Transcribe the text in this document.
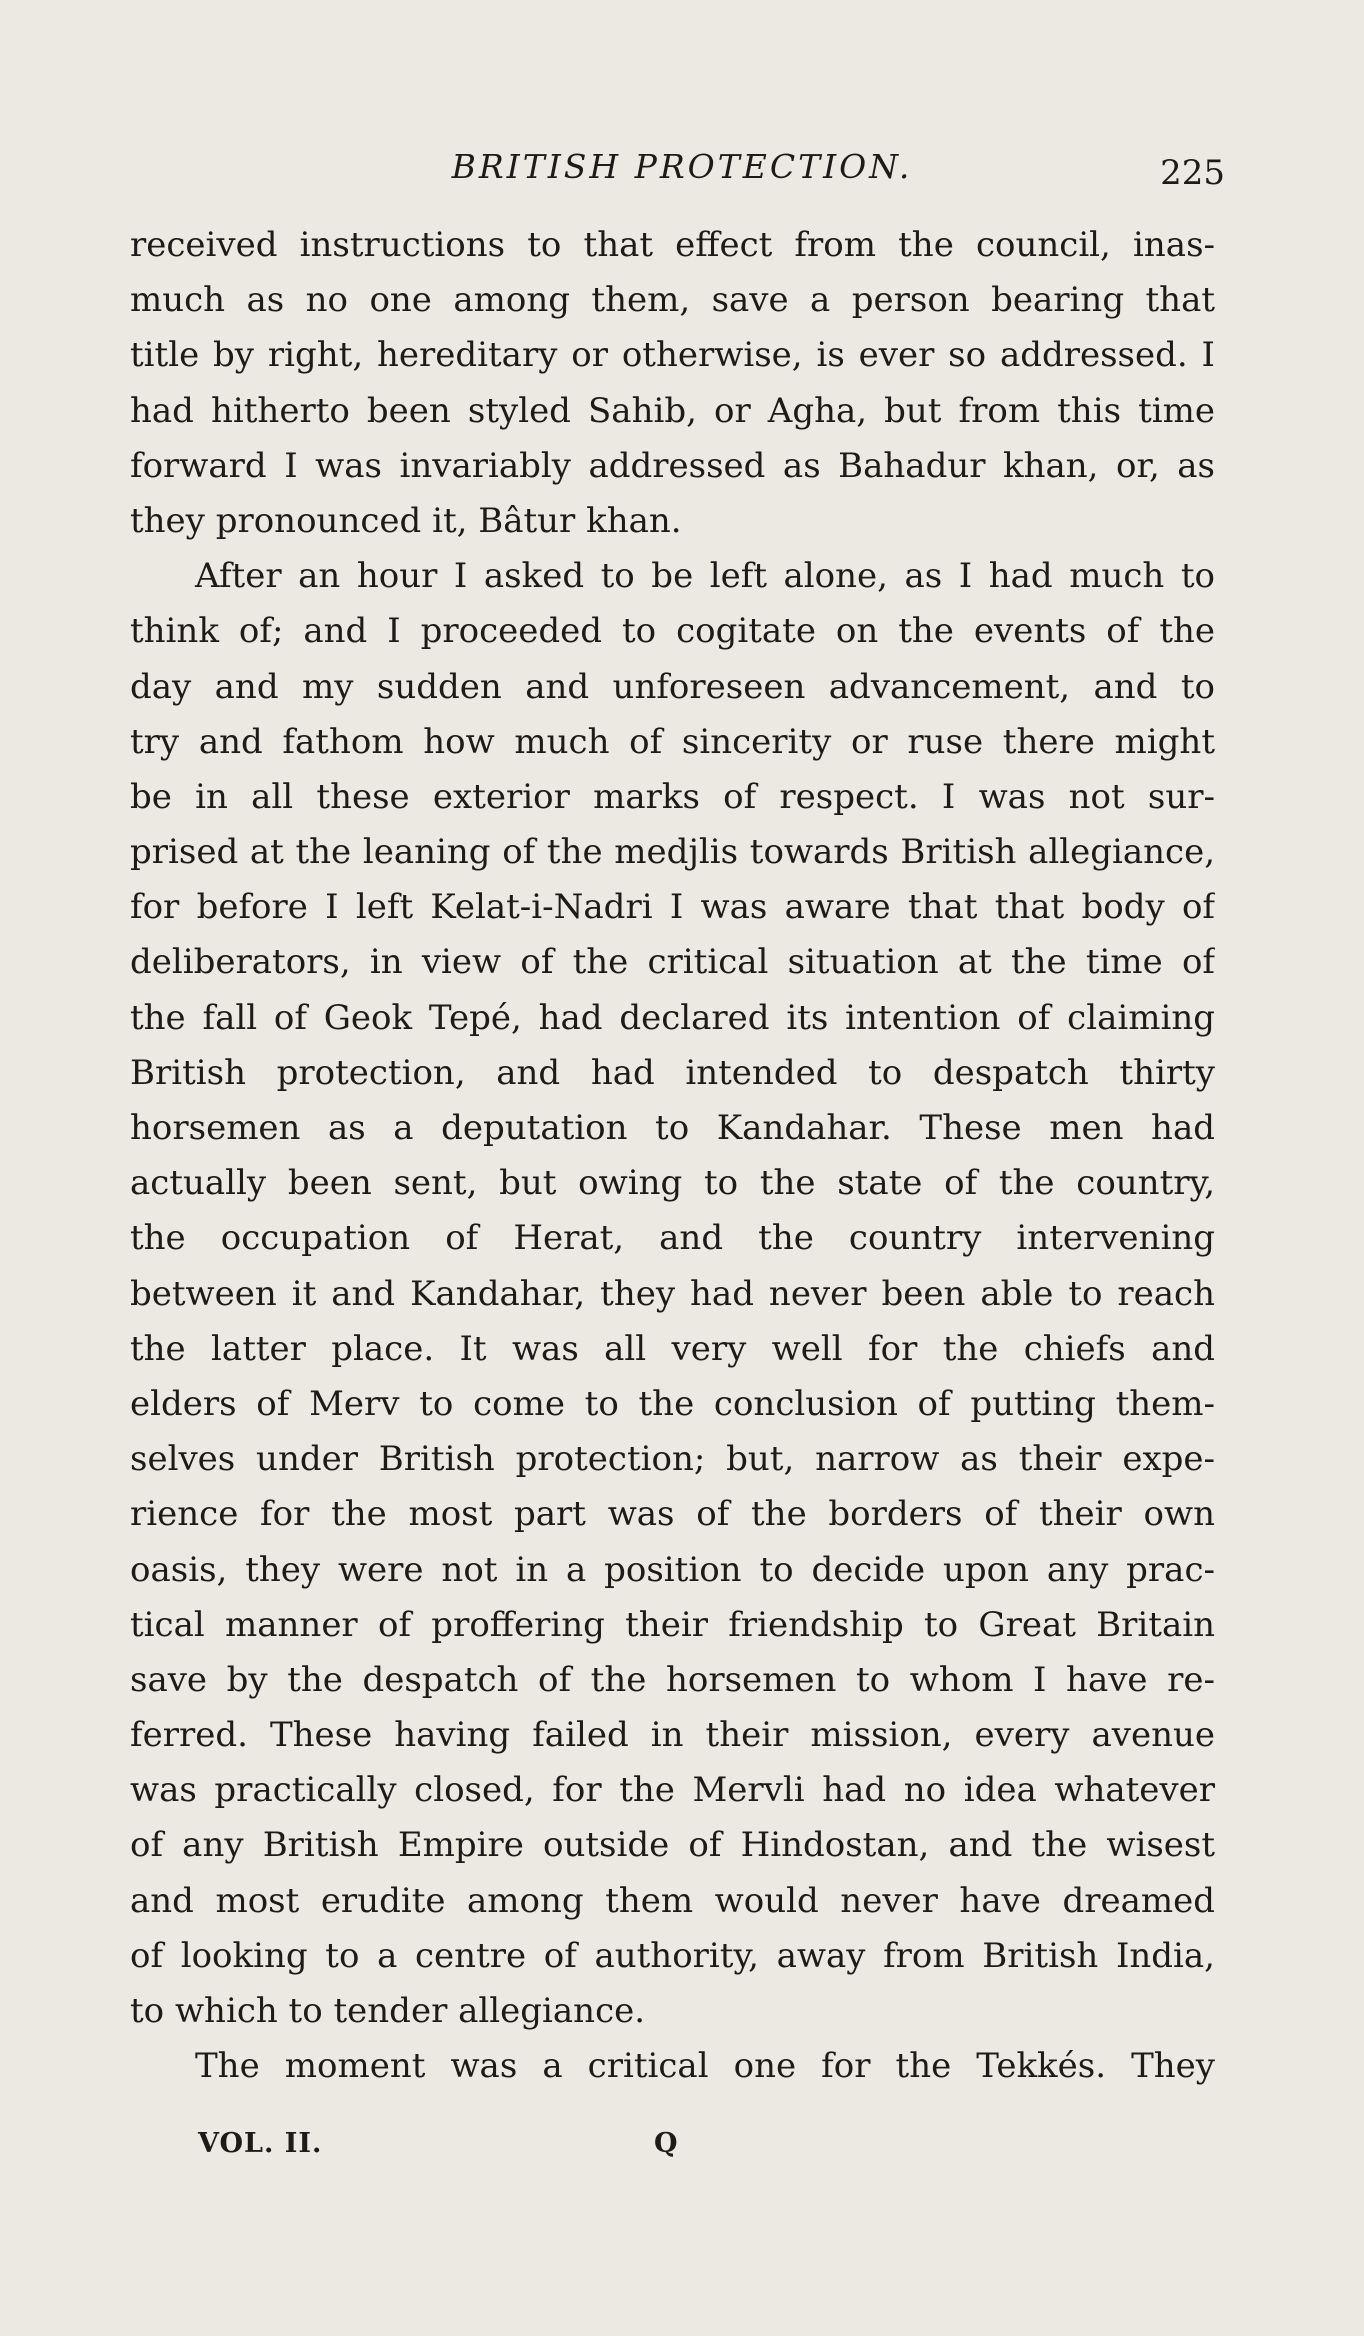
BRITISH PROTECTION.	225
received instructions to that effect from the council, inas-
much as no one among them, save a person bearing that
title by right, hereditary or otherwise, is ever so addressed. I
had hitherto been styled Sahib, or Agha, but from this time
forward I was invariably addressed as Bahadur khan, or, as
they pronounced it, Bâtur khan.
After an hour I asked to be left alone, as I had much to
think of; and I proceeded to cogitate on the events of the
day and my sudden and unforeseen advancement, and to
try and fathom how much of sincerity or ruse there might
be in all these exterior marks of respect. I was not sur-
prised at the leaning of the medjlis towards British allegiance,
for before I left Kelat-i-Nadri I was aware that that body of
deliberators, in view of the critical situation at the time of
the fall of Geok Tepé, had declared its intention of claiming
British protection, and had intended to despatch thirty
horsemen as a deputation to Kandahar. These men had
actually been sent, but owing to the state of the country,
the occupation of Herat, and the country intervening
between it and Kandahar, they had never been able to reach
the latter place. It was all very well for the chiefs and
elders of Merv to come to the conclusion of putting them-
selves under British protection; but, narrow as their expe-
rience for the most part was of the borders of their own
oasis, they were not in a position to decide upon any prac-
tical manner of proffering their friendship to Great Britain
save by the despatch of the horsemen to whom I have re-
ferred. These having failed in their mission, every avenue
was practically closed, for the Mervli had no idea whatever
of any British Empire outside of Hindostan, and the wisest
and most erudite among them would never have dreamed
of looking to a centre of authority, away from British India,
to which to tender allegiance.
The moment was a critical one for the Tekkés. They
VOL. II.	Q
